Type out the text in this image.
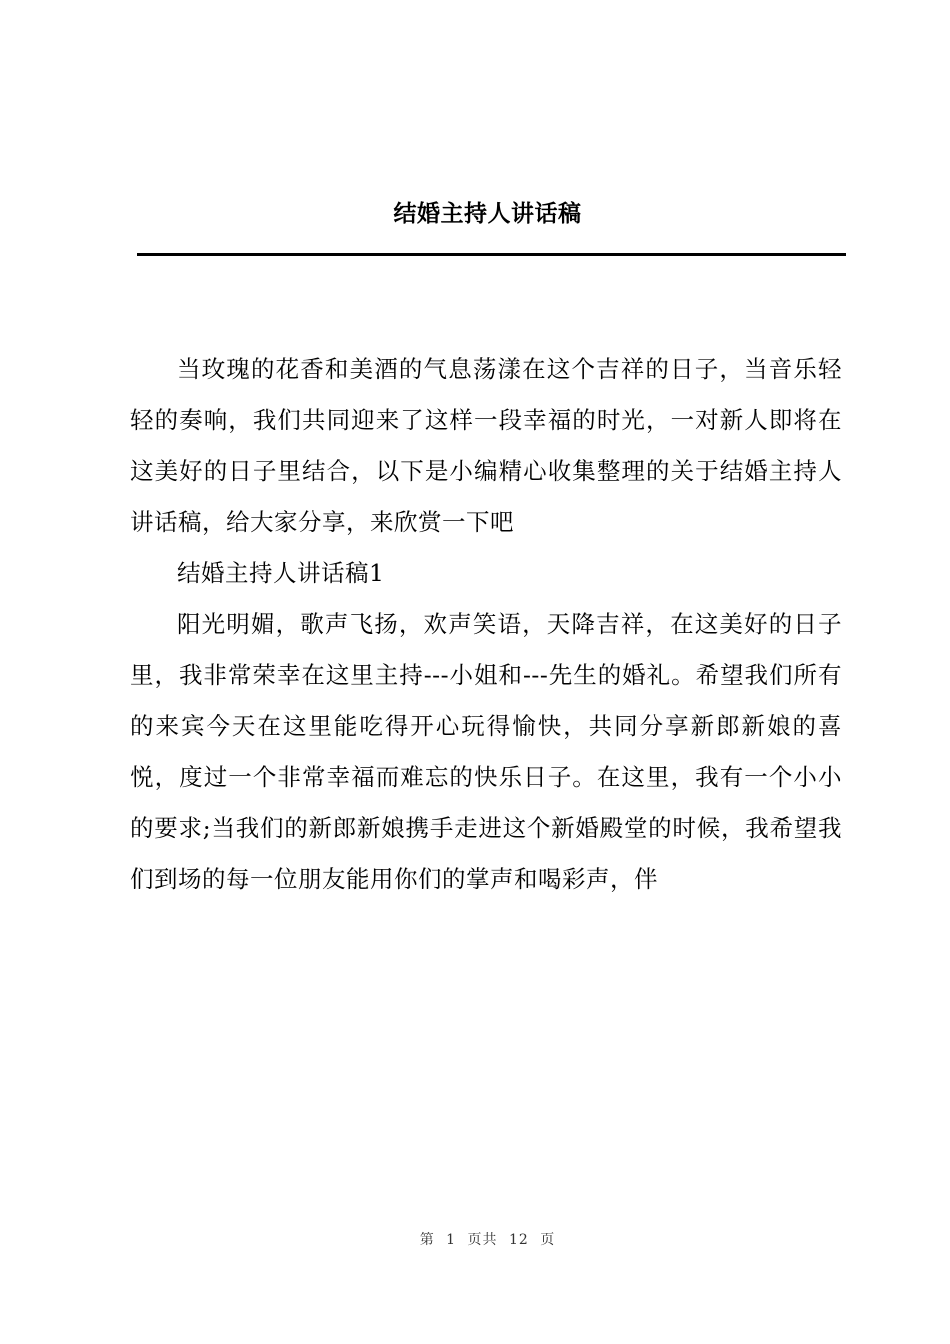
结婚主持人讲话稿

当玫瑰的花香和美酒的气息荡漾在这个吉祥的日子，当音乐轻轻的奏响，我们共同迎来了这样一段幸福的时光，一对新人即将在这美好的日子里结合，以下是小编精心收集整理的关于结婚主持人讲话稿，给大家分享，来欣赏一下吧

结婚主持人讲话稿1

阳光明媚，歌声飞扬，欢声笑语，天降吉祥，在这美好的日子里，我非常荣幸在这里主持---小姐和---先生的婚礼。希望我们所有的来宾今天在这里能吃得开心玩得愉快，共同分享新郎新娘的喜悦，度过一个非常幸福而难忘的快乐日子。在这里，我有一个小小的要求;当我们的新郎新娘携手走进这个新婚殿堂的时候，我希望我们到场的每一位朋友能用你们的掌声和喝彩声，伴

第 1 页共 12 页
